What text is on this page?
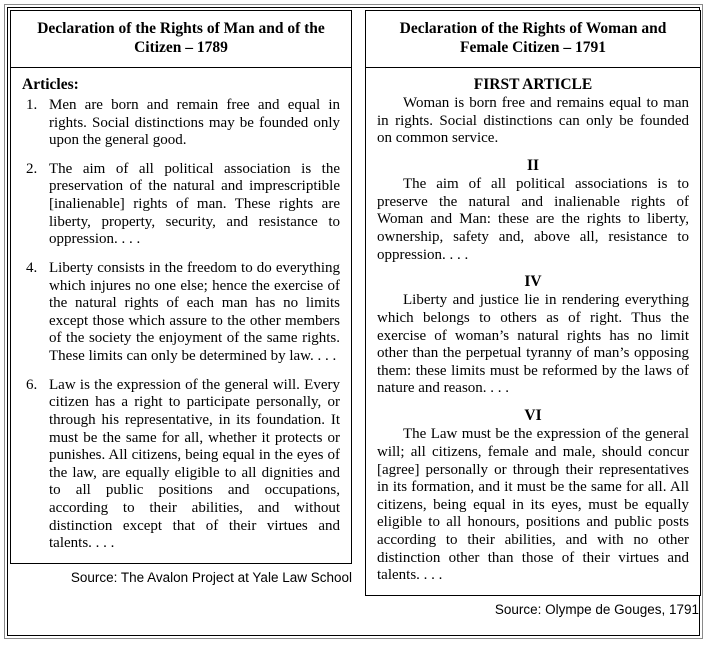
Declaration of the Rights of Man and of the Citizen – 1789
Articles:
1. Men are born and remain free and equal in rights. Social distinctions may be founded only upon the general good.
2. The aim of all political association is the preservation of the natural and imprescriptible [inalienable] rights of man. These rights are liberty, property, security, and resistance to oppression. . . .
4. Liberty consists in the freedom to do everything which injures no one else; hence the exercise of the natural rights of each man has no limits except those which assure to the other members of the society the enjoyment of the same rights. These limits can only be determined by law. . . .
6. Law is the expression of the general will. Every citizen has a right to participate personally, or through his representative, in its foundation. It must be the same for all, whether it protects or punishes. All citizens, being equal in the eyes of the law, are equally eligible to all dignities and to all public positions and occupations, according to their abilities, and without distinction except that of their virtues and talents. . . .
Source: The Avalon Project at Yale Law School
Declaration of the Rights of Woman and Female Citizen – 1791
FIRST ARTICLE

Woman is born free and remains equal to man in rights. Social distinctions can only be founded on common service.

II

The aim of all political associations is to preserve the natural and inalienable rights of Woman and Man: these are the rights to liberty, ownership, safety and, above all, resistance to oppression. . . .

IV

Liberty and justice lie in rendering everything which belongs to others as of right. Thus the exercise of woman’s natural rights has no limit other than the perpetual tyranny of man’s opposing them: these limits must be reformed by the laws of nature and reason. . . .

VI

The Law must be the expression of the general will; all citizens, female and male, should concur [agree] personally or through their representatives in its formation, and it must be the same for all. All citizens, being equal in its eyes, must be equally eligible to all honours, positions and public posts according to their abilities, and with no other distinction other than those of their virtues and talents. . . .

Source: Olympe de Gouges, 1791
